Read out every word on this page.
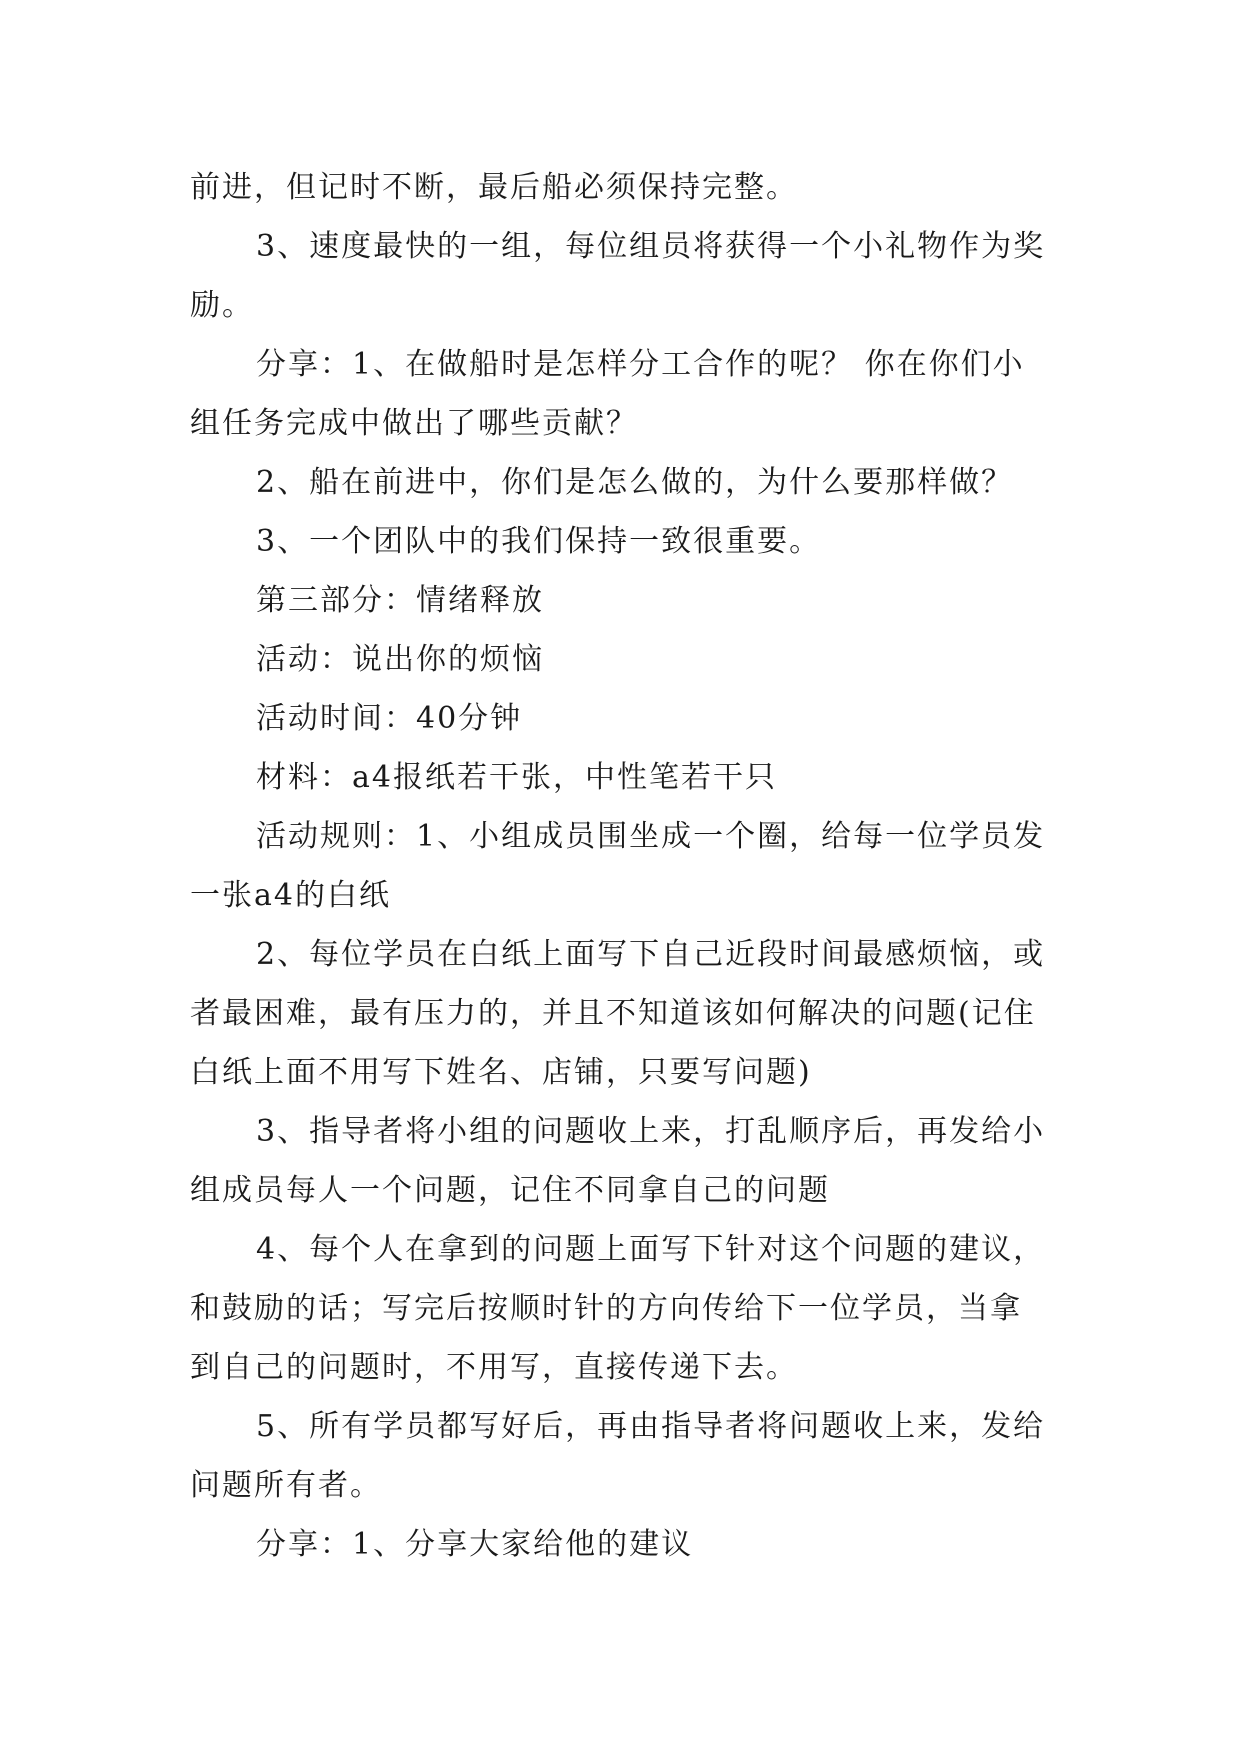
前进，但记时不断，最后船必须保持完整。

3、速度最快的一组，每位组员将获得一个小礼物作为奖励。

分享：1、在做船时是怎样分工合作的呢？ 你在你们小组任务完成中做出了哪些贡献？

2、船在前进中，你们是怎么做的，为什么要那样做？

3、一个团队中的我们保持一致很重要。

第三部分：情绪释放

活动：说出你的烦恼

活动时间：40分钟

材料：a4报纸若干张，中性笔若干只

活动规则：1、小组成员围坐成一个圈，给每一位学员发一张a4的白纸

2、每位学员在白纸上面写下自己近段时间最感烦恼，或者最困难，最有压力的，并且不知道该如何解决的问题(记住白纸上面不用写下姓名、店铺，只要写问题)

3、指导者将小组的问题收上来，打乱顺序后，再发给小组成员每人一个问题，记住不同拿自己的问题

4、每个人在拿到的问题上面写下针对这个问题的建议，和鼓励的话；写完后按顺时针的方向传给下一位学员，当拿到自己的问题时，不用写，直接传递下去。

5、所有学员都写好后，再由指导者将问题收上来，发给问题所有者。

分享：1、分享大家给他的建议
